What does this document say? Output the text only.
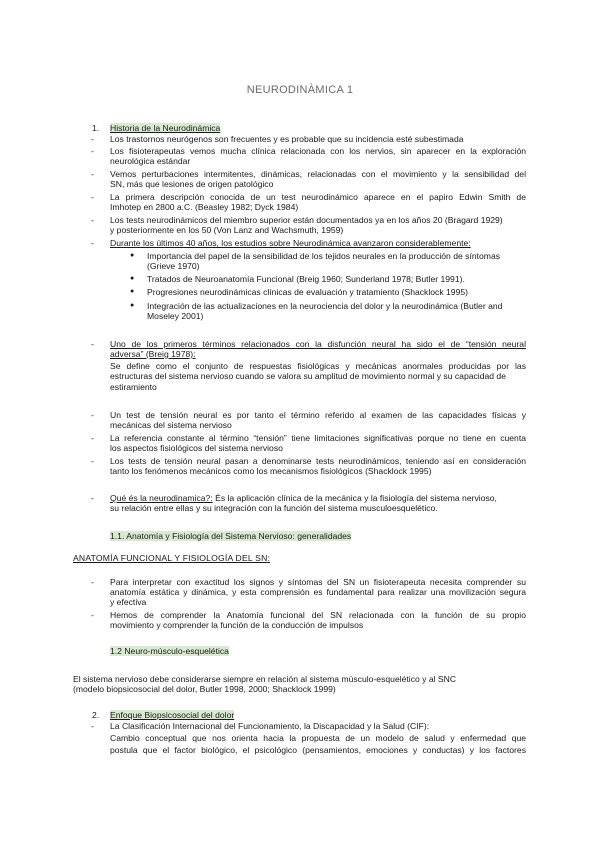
NEURODINÀMICA 1
1. Historia de la Neurodinámica
- Los trastornos neurógenos son frecuentes y es probable que su incidencia esté subestimada
- Los fisioterapeutas vemos mucha clínica relacionada con los nervios, sin aparecer en la exploración
neurológica estándar
- Vemos perturbaciones intermitentes, dinámicas, relacionadas con el movimiento y la sensibilidad del
SN, más que lesiones de origen patológico
- La primera descripción conocida de un test neurodinámico aparece en el papiro Edwin Smith de
Imhotep en 2800 a.C. (Beasley 1982; Dyck 1984)
- Los tests neurodinámicos del miembro superior están documentados ya en los años 20 (Bragard 1929)
y posteriormente en los 50 (Von Lanz and Wachsmuth, 1959)
- Durante los últimos 40 años, los estudios sobre Neurodinámica avanzaron considerablemente:
● Importancia del papel de la sensibilidad de los tejidos neurales en la producción de síntomas
(Grieve 1970)
● Tratados de Neuroanatomía Funcional (Breig 1960; Sunderland 1978; Butler 1991).
● Progresiones neurodinámicas clínicas de evaluación y tratamiento (Shacklock 1995)
● Integración de las actualizaciones en la neurociencia del dolor y la neurodinámica (Butler and
Moseley 2001)
- Uno de los primeros términos relacionados con la disfunción neural ha sido el de “tensión neural
adversa” (Breig 1978):
Se define como el conjunto de respuestas fisiológicas y mecánicas anormales producidas por las
estructuras del sistema nervioso cuando se valora su amplitud de movimiento normal y su capacidad de
estiramiento
- Un test de tensión neural es por tanto el término referido al examen de las capacidades físicas y
mecánicas del sistema nervioso
- La referencia constante al término “tensión” tiene limitaciones significativas porque no tiene en cuenta
los aspectos fisiológicos del sistema nervioso
- Los tests de tensión neural pasan a denominarse tests neurodinámicos, teniendo así en consideración
tanto los fenómenos mecánicos como los mecanismos fisiológicos (Shacklock 1995)
- Qué és la neurodinamica?: És la aplicación clínica de la mecánica y la fisiología del sistema nervioso,
su relación entre ellas y su integración con la función del sistema musculoesquelético.
1.1. Anatomía y Fisiología del Sistema Nervioso: generalidades
ANATOMÍA FUNCIONAL Y FISIOLOGÍA DEL SN:
- Para interpretar con exactitud los signos y síntomas del SN un fisioterapeuta necesita comprender su
anatomía estática y dinámica, y esta comprensión es fundamental para realizar una movilización segura
y efectiva
- Hemos de comprender la Anatomía funcional del SN relacionada con la función de su propio
movimiento y comprender la función de la conducción de impulsos
1.2 Neuro-músculo-esquelética
El sistema nervioso debe considerarse siempre en relación al sistema músculo-esquelético y al SNC
(modelo biopsicosocial del dolor, Butler 1998, 2000; Shacklock 1999)
2. Enfoque Biopsicosocial del dolor
- La Clasificación Internacional del Funcionamiento, la Discapacidad y la Salud (CIF):
Cambio conceptual que nos orienta hacia la propuesta de un modelo de salud y enfermedad que
postula que el factor biológico, el psicológico (pensamientos, emociones y conductas) y los factores
